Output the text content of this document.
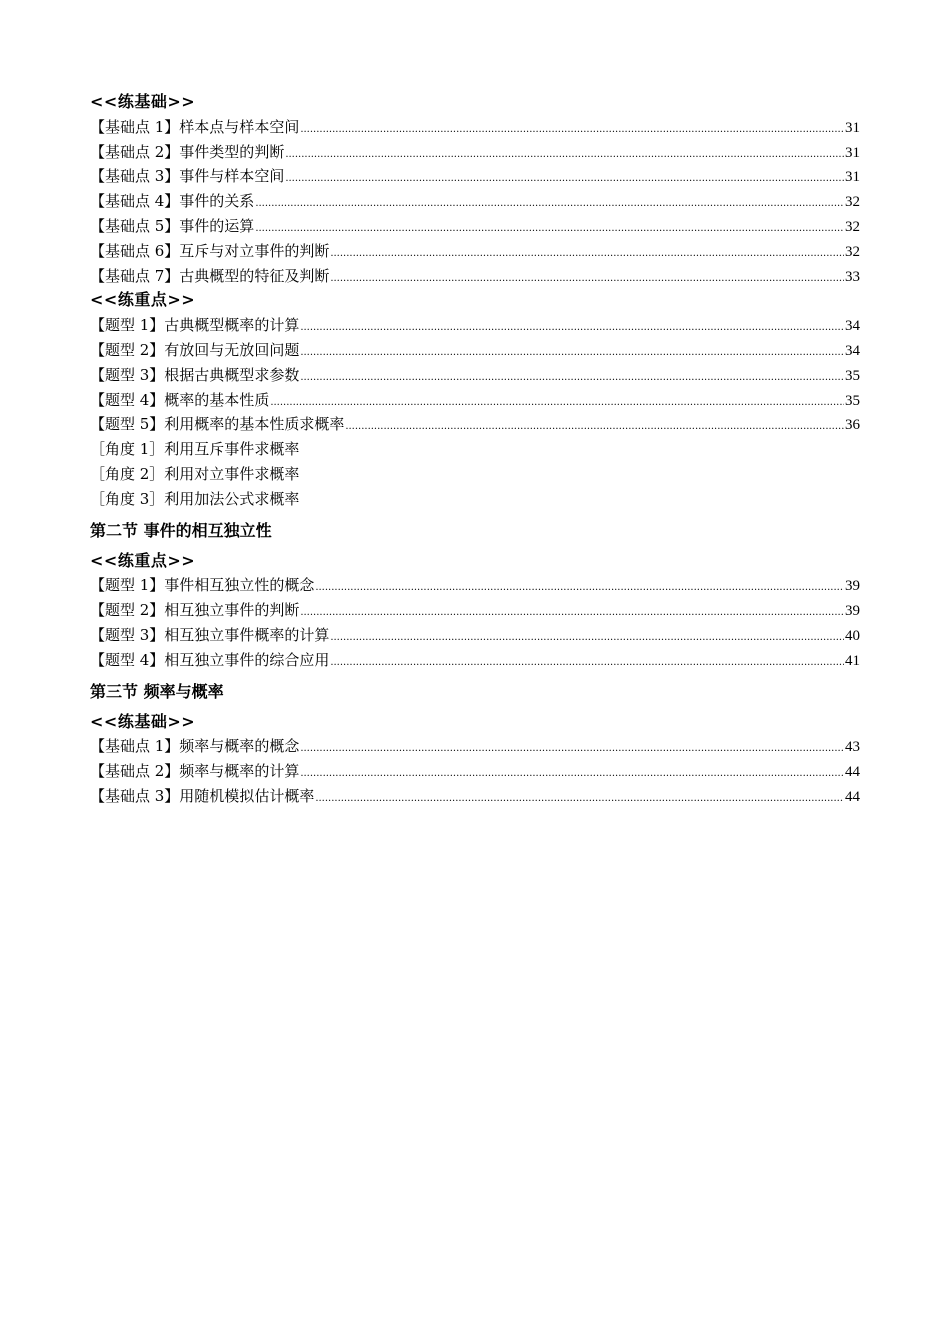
<<练基础>>
【基础点 1】样本点与样本空间 .....	31
【基础点 2】事件类型的判断 .....	31
【基础点 3】事件与样本空间 .....	31
【基础点 4】事件的关系 .....	32
【基础点 5】事件的运算 .....	32
【基础点 6】互斥与对立事件的判断 .....	32
【基础点 7】古典概型的特征及判断 .....	33
<<练重点>>
【题型 1】古典概型概率的计算 .....	34
【题型 2】有放回与无放回问题 .....	34
【题型 3】根据古典概型求参数 .....	35
【题型 4】概率的基本性质 .....	35
【题型 5】利用概率的基本性质求概率 .....	36
［角度 1］利用互斥事件求概率
［角度 2］利用对立事件求概率
［角度 3］利用加法公式求概率
第二节 事件的相互独立性
<<练重点>>
【题型 1】事件相互独立性的概念 .....	39
【题型 2】相互独立事件的判断 .....	39
【题型 3】相互独立事件概率的计算 .....	40
【题型 4】相互独立事件的综合应用 .....	41
第三节 频率与概率
<<练基础>>
【基础点 1】频率与概率的概念 .....	43
【基础点 2】频率与概率的计算 .....	44
【基础点 3】用随机模拟估计概率 .....	44
